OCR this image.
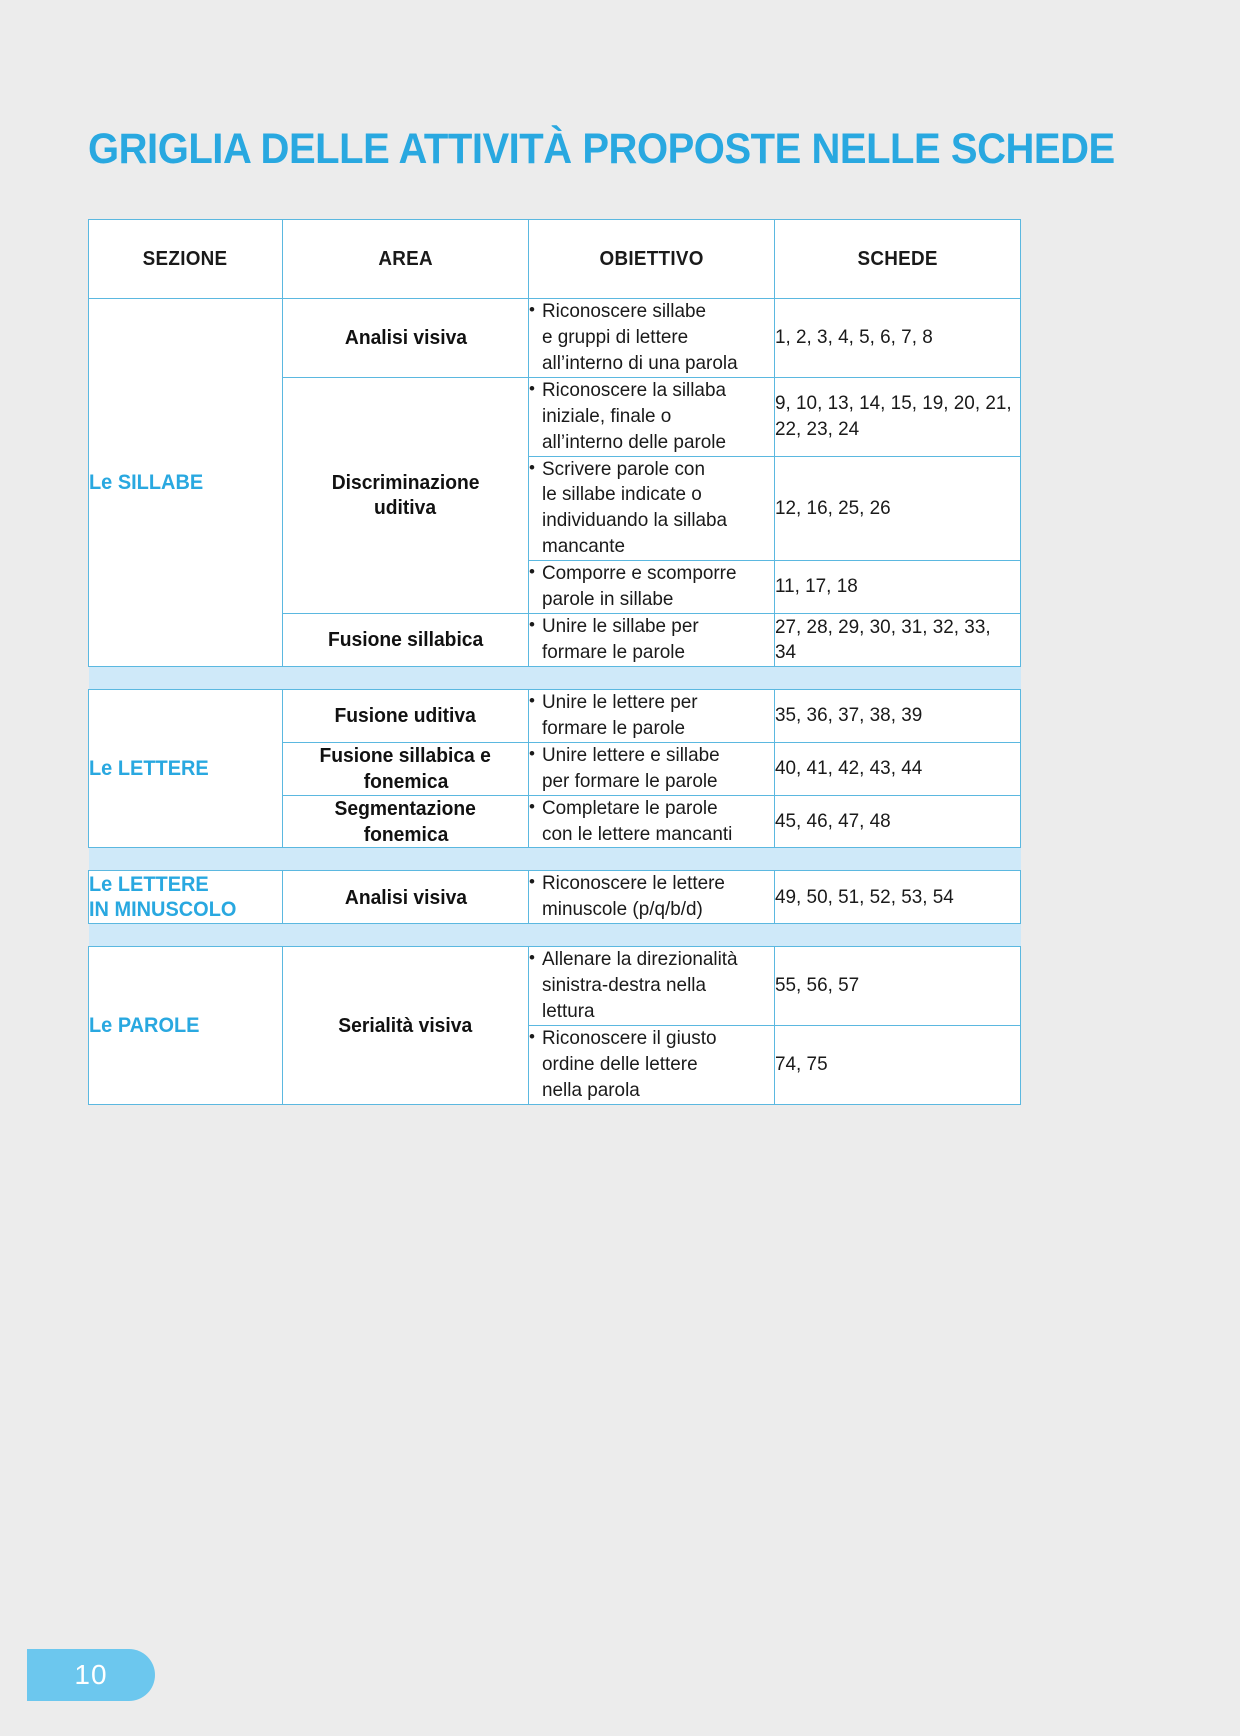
GRIGLIA DELLE ATTIVITÀ PROPOSTE NELLE SCHEDE
SEZIONE	AREA	OBIETTIVO	SCHEDE
Le SILLABE	Analisi visiva	• Riconoscere sillabe
e gruppi di lettere
all’interno di una parola	1, 2, 3, 4, 5, 6, 7, 8

	Discriminazione
uditiva	• Riconoscere la sillaba
iniziale, finale o
all’interno delle parole	9, 10, 13, 14, 15, 19, 20, 21, 22, 23, 24

		• Scrivere parole con
le sillabe indicate o
individuando la sillaba
mancante	12, 16, 25, 26

		• Comporre e scomporre
parole in sillabe	11, 17, 18

	Fusione sillabica	• Unire le sillabe per
formare le parole	27, 28, 29, 30, 31, 32, 33, 34

Le LETTERE	Fusione uditiva	• Unire le lettere per
formare le parole	35, 36, 37, 38, 39

	Fusione sillabica e
fonemica	• Unire lettere e sillabe
per formare le parole	40, 41, 42, 43, 44

	Segmentazione
fonemica	• Completare le parole
con le lettere mancanti	45, 46, 47, 48

Le LETTERE
IN MINUSCOLO	Analisi visiva	• Riconoscere le lettere
minuscole (p/q/b/d)	49, 50, 51, 52, 53, 54

Le PAROLE	Serialità visiva	• Allenare la direzionalità
sinistra-destra nella
lettura	55, 56, 57

		• Riconoscere il giusto
ordine delle lettere
nella parola	74, 75
10
